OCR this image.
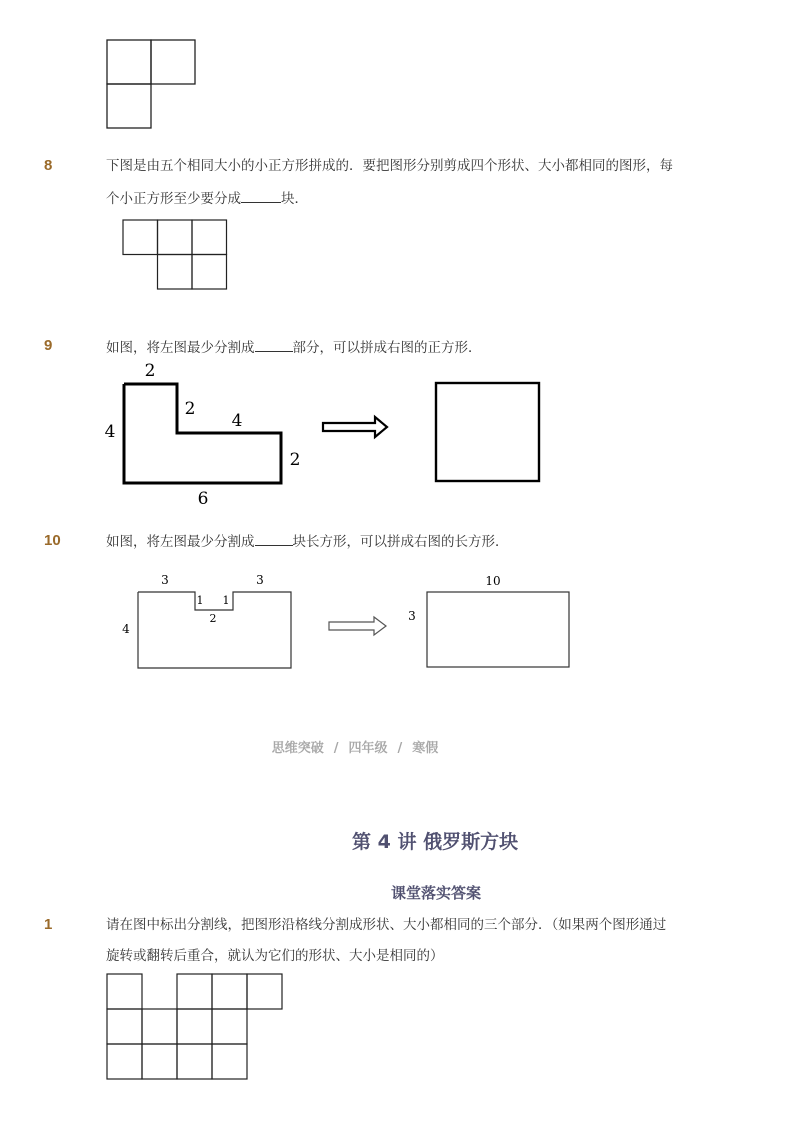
8	下图是由五个相同大小的小正方形拼成的．要把图形分别剪成四个形状、大小都相同的图形，每
个小正方形至少要分成	块．
9	如图，将左图最少分割成	部分，可以拼成右图的正方形．
2
2
4
4
2
6
10	如图，将左图最少分割成	块长方形，可以拼成右图的长方形．
3	3
1 1
2
4
10
3
思维突破 / 四年级 / 寒假
第 4 讲 俄罗斯方块
课堂落实答案
1	请在图中标出分割线，把图形沿格线分割成形状、大小都相同的三个部分．（如果两个图形通过
旋转或翻转后重合，就认为它们的形状、大小是相同的）
